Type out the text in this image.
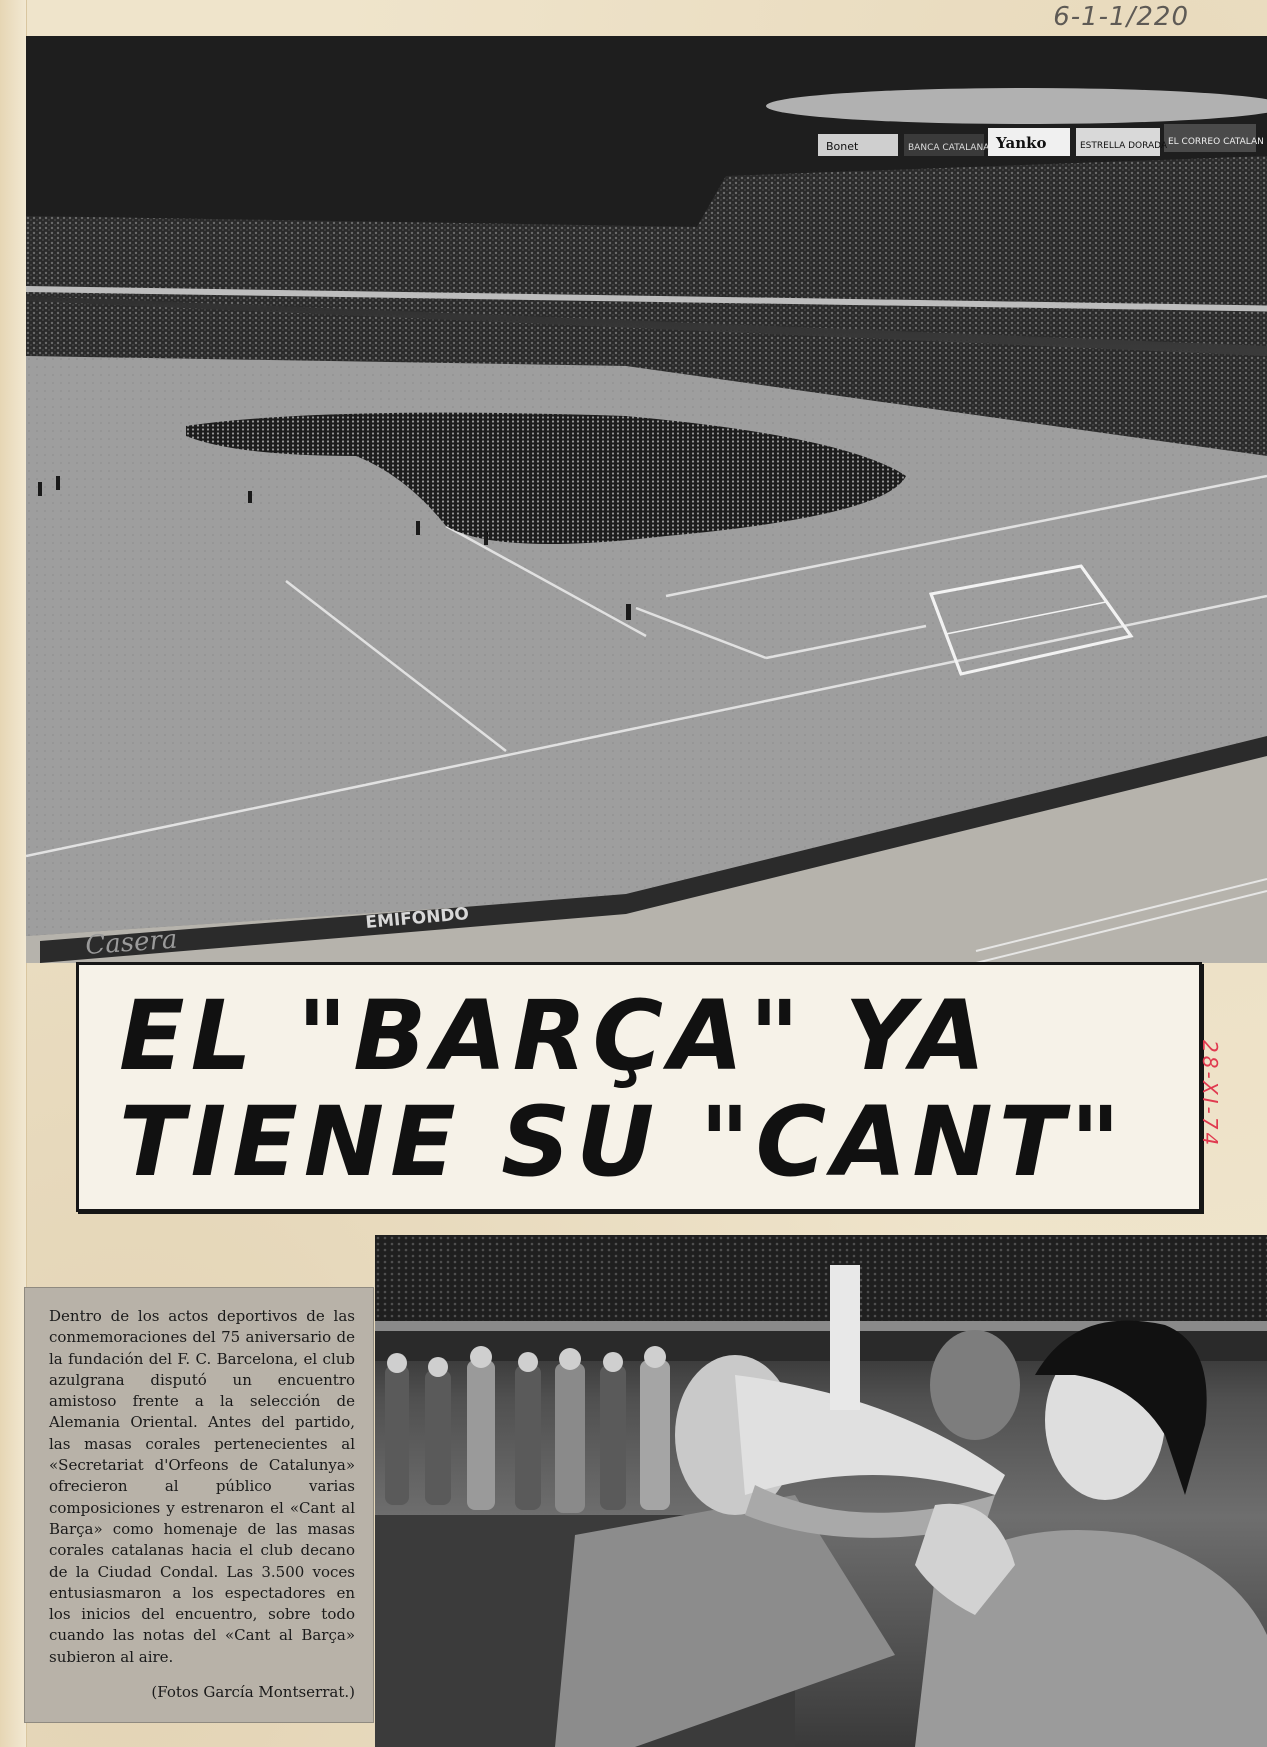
6-1-1/220
Bonet	BANCA CATALANA Yanko	ESTRELLA DORADA EL CORREO CATALAN
Casera
EMIFONDO
EL "BARÇA" YA
TIENE SU "CANT"	28-XI-74

Dentro de los actos deportivos de las conmemoraciones del 75 aniversario de la fundación del F. C. Barcelona, el club azulgrana disputó un encuentro amistoso frente a la selección de Alemania Oriental. Antes del partido, las masas corales pertenecientes al «Secretariat d'Orfeons de Catalunya» ofrecieron al público varias composiciones y estrenaron el «Cant al Barça» como homenaje de las masas corales catalanas hacia el club decano de la Ciudad Condal. Las 3.500 voces entusiasmaron a los espectadores en los inicios del encuentro, sobre todo cuando las notas del «Cant al Barça» subieron al aire.

(Fotos García Montserrat.)
